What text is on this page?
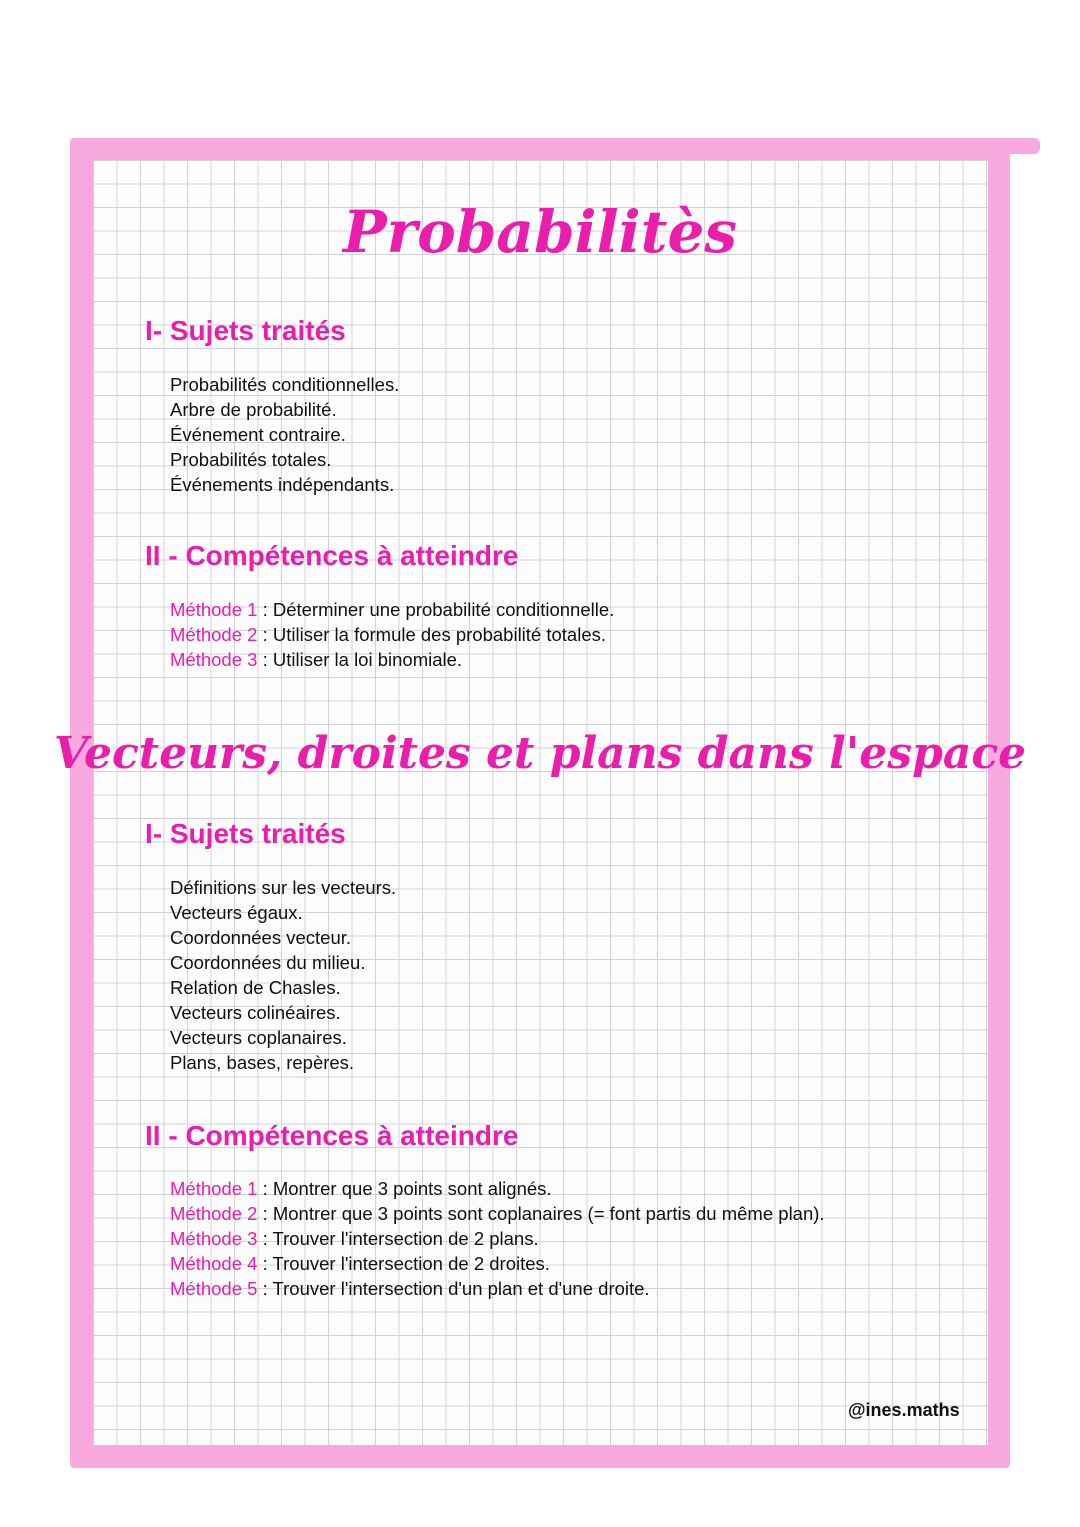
Probabilitès
I- Sujets traités
Probabilités conditionnelles.
Arbre de probabilité.
Événement contraire.
Probabilités totales.
Événements indépendants.
II - Compétences à atteindre
Méthode 1 : Déterminer une probabilité conditionnelle.
Méthode 2 : Utiliser la formule des probabilité totales.
Méthode 3 : Utiliser la loi binomiale.
Vecteurs, droites et plans dans l'espace
I- Sujets traités
Définitions sur les vecteurs.
Vecteurs égaux.
Coordonnées vecteur.
Coordonnées du milieu.
Relation de Chasles.
Vecteurs colinéaires.
Vecteurs coplanaires.
Plans, bases, repères.
II - Compétences à atteindre
Méthode 1 : Montrer que 3 points sont alignés.
Méthode 2 : Montrer que 3 points sont coplanaires (= font partis du même plan).
Méthode 3 : Trouver l'intersection de 2 plans.
Méthode 4 : Trouver l'intersection de 2 droites.
Méthode 5 : Trouver l'intersection d'un plan et d'une droite.
@ines.maths
